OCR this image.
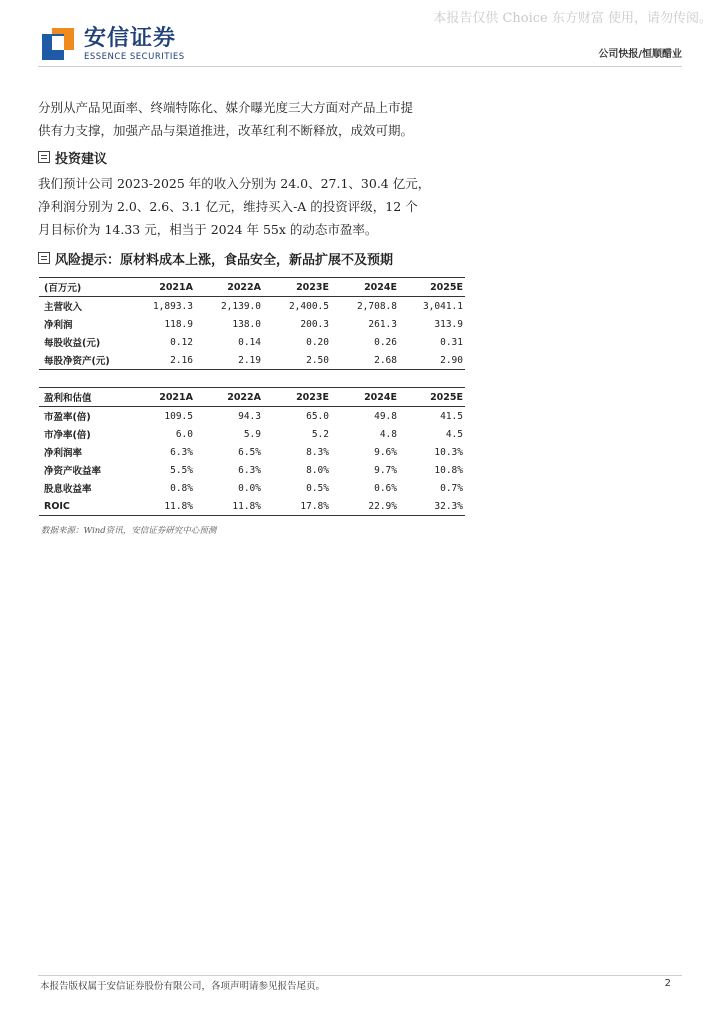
本报告仅供 Choice 东方财富 使用，请勿传阅。
安信证券
ESSENCE SECURITIES	公司快报/恒顺醋业

分别从产品见面率、终端特陈化、媒介曝光度三大方面对产品上市提
供有力支撑，加强产品与渠道推进，改革红利不断释放，成效可期。

投资建议

我们预计公司 2023-2025 年的收入分别为 24.0、27.1、30.4 亿元，
净利润分别为 2.0、2.6、3.1 亿元，维持买入-A 的投资评级，12 个
月目标价为 14.33 元，相当于 2024 年 55x 的动态市盈率。

风险提示：原材料成本上涨，食品安全，新品扩展不及预期
(百万元)	2021A	2022A	2023E	2024E	2025E
主营收入	1,893.3	2,139.0	2,400.5	2,708.8	3,041.1
净利润	118.9	138.0	200.3	261.3	313.9
每股收益(元)	0.12	0.14	0.20	0.26	0.31
每股净资产(元)	2.16	2.19	2.50	2.68	2.90
盈利和估值	2021A	2022A	2023E	2024E	2025E
市盈率(倍)	109.5	94.3	65.0	49.8	41.5
市净率(倍)	6.0	5.9	5.2	4.8	4.5
净利润率	6.3%	6.5%	8.3%	9.6%	10.3%
净资产收益率	5.5%	6.3%	8.0%	9.7%	10.8%
股息收益率	0.8%	0.0%	0.5%	0.6%	0.7%
ROIC	11.8%	11.8%	17.8%	22.9%	32.3%
数据来源：Wind资讯，安信证券研究中心预测
本报告版权属于安信证券股份有限公司，各项声明请参见报告尾页。	2
